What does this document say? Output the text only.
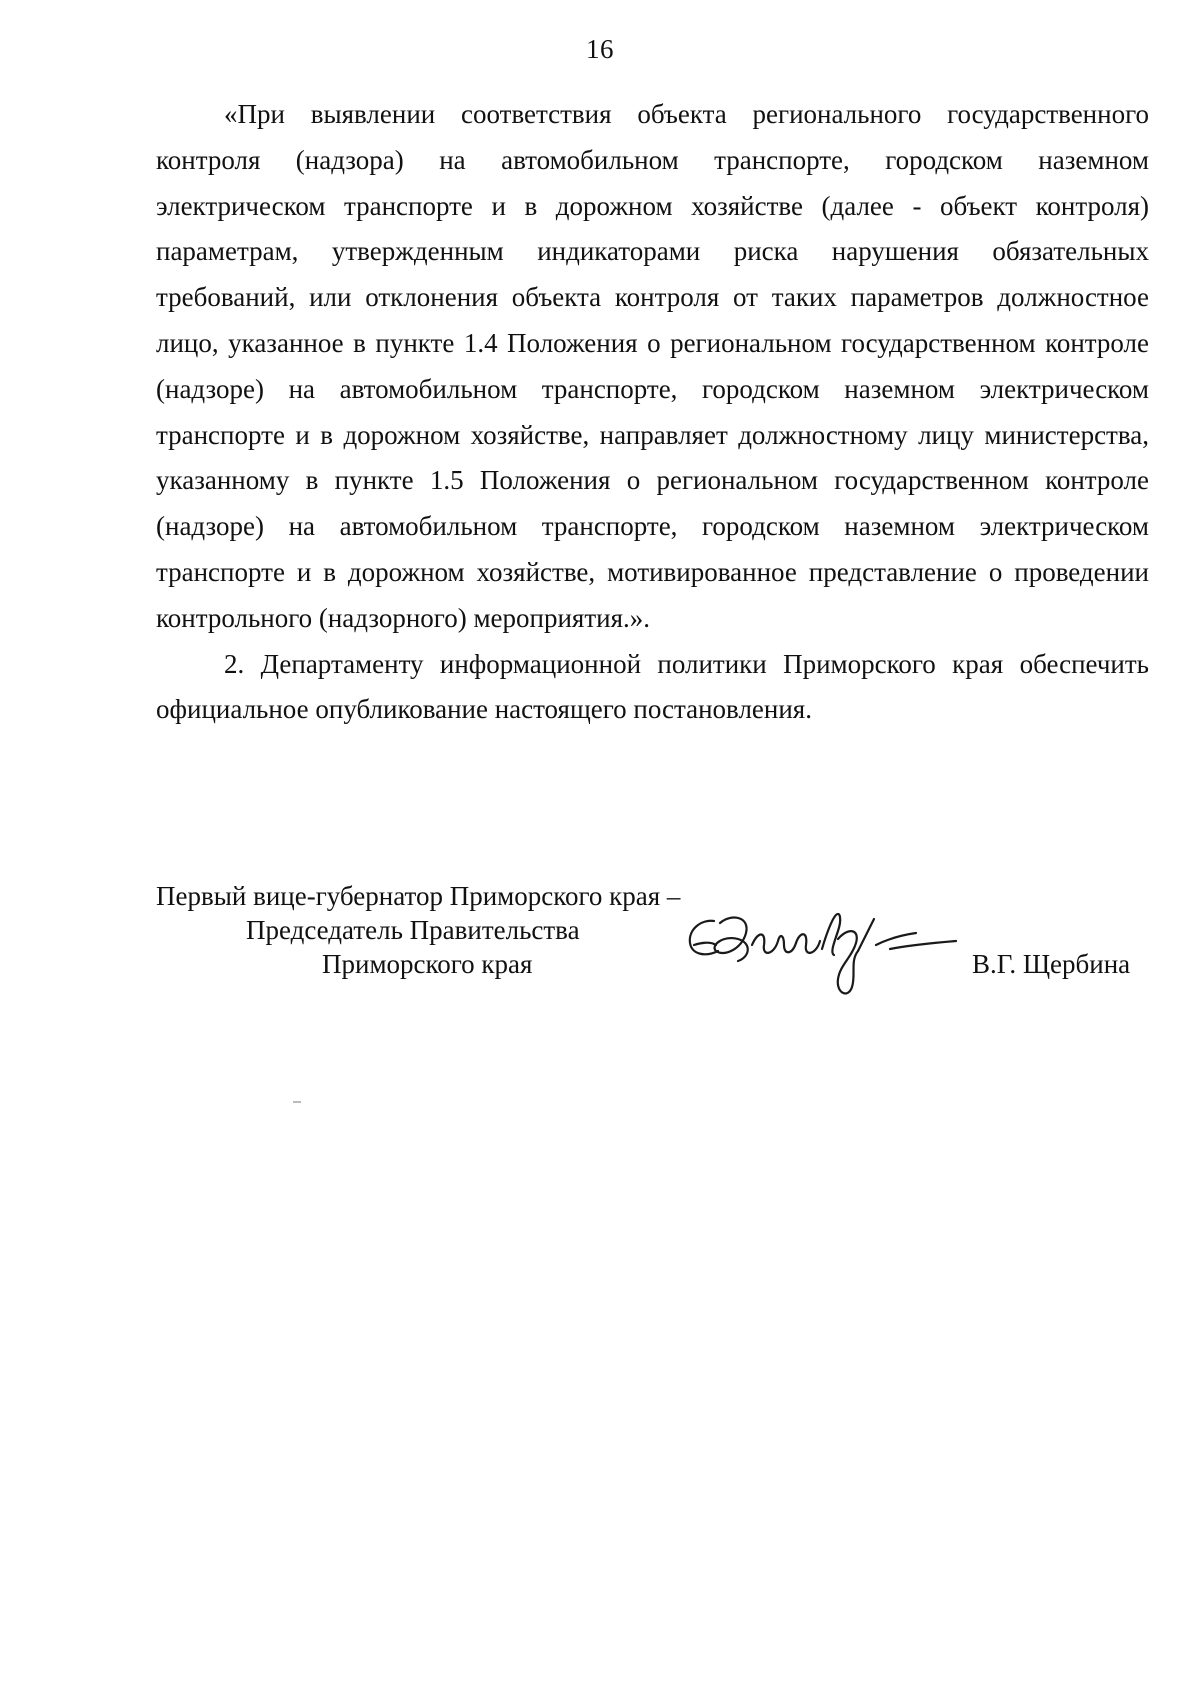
16

«При выявлении соответствия объекта регионального государственного контроля (надзора) на автомобильном транспорте, городском наземном электрическом транспорте и в дорожном хозяйстве (далее - объект контроля) параметрам, утвержденным индикаторами риска нарушения обязательных требований, или отклонения объекта контроля от таких параметров должностное лицо, указанное в пункте 1.4 Положения о региональном государственном контроле (надзоре) на автомобильном транспорте, городском наземном электрическом транспорте и в дорожном хозяйстве, направляет должностному лицу министерства, указанному в пункте 1.5 Положения о региональном государственном контроле (надзоре) на автомобильном транспорте, городском наземном электрическом транспорте и в дорожном хозяйстве, мотивированное представление о проведении контрольного (надзорного) мероприятия.».

2. Департаменту информационной политики Приморского края обеспечить официальное опубликование настоящего постановления.

Первый вице-губернатор Приморского края –
Председатель Правительства
Приморского края	В.Г. Щербина
